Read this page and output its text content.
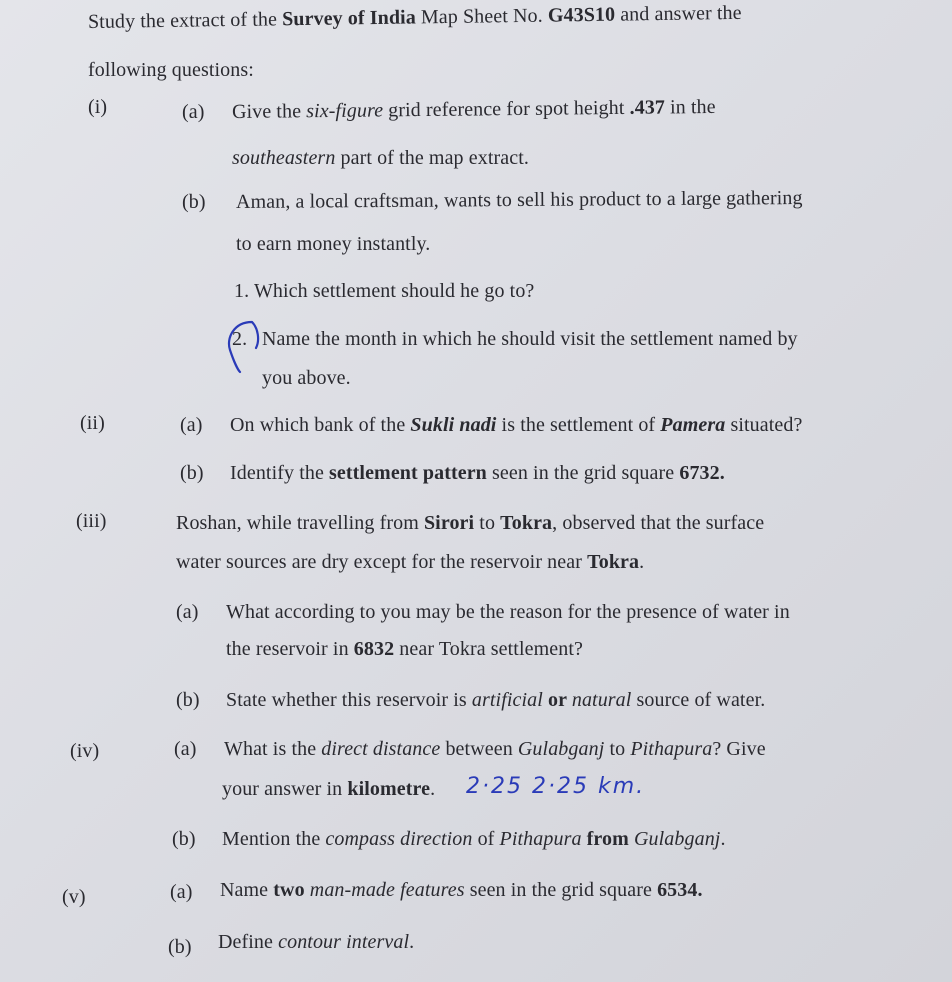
Study the extract of the Survey of India Map Sheet No. G43S10 and answer the
following questions:
(i)	(a) Give the six-figure grid reference for spot height .437 in the
southeastern part of the map extract.
(b) Aman, a local craftsman, wants to sell his product to a large gathering
to earn money instantly.
1. Which settlement should he go to?
2. Name the month in which he should visit the settlement named by
you above.
(ii)	(a) On which bank of the Sukli nadi is the settlement of Pamera situated?
(b) Identify the settlement pattern seen in the grid square 6732.
(iii)	Roshan, while travelling from Sirori to Tokra, observed that the surface
water sources are dry except for the reservoir near Tokra.
(a) What according to you may be the reason for the presence of water in
the reservoir in 6832 near Tokra settlement?
(b) State whether this reservoir is artificial or natural source of water.
(iv)	(a) What is the direct distance between Gulabganj to Pithapura? Give
your answer in kilometre. 2·25 2·25 km.
(b) Mention the compass direction of Pithapura from Gulabganj.
(v)	(a) Name two man-made features seen in the grid square 6534.
(b) Define contour interval.
